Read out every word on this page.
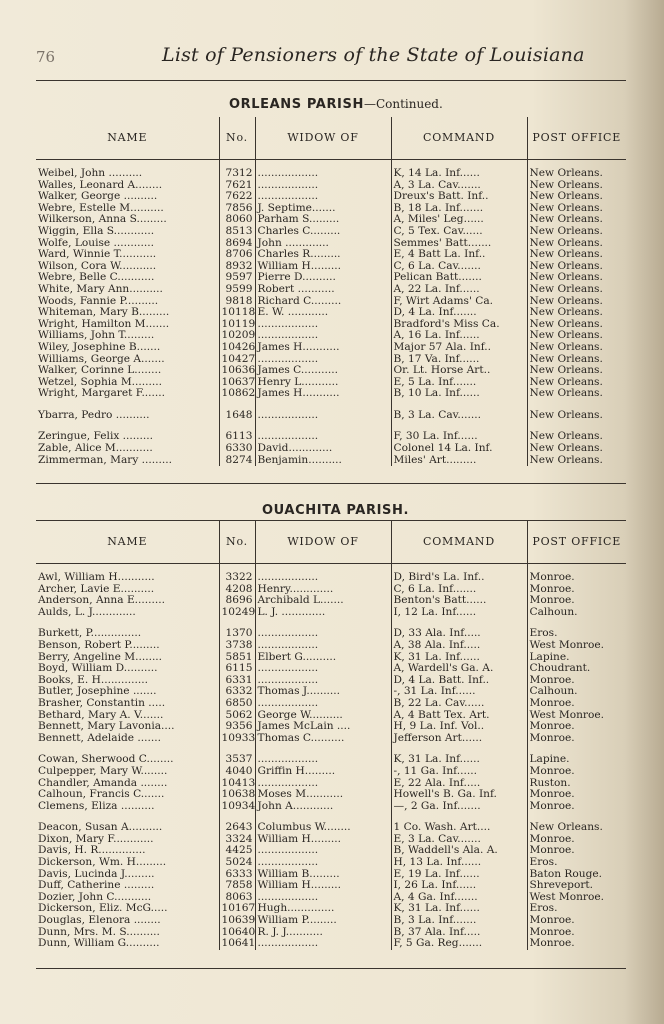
76	List of Pensioners of the State of Louisiana
ORLEANS PARISH—Continued.
NAME	No.	WIDOW OF	COMMAND	POST OFFICE
Weibel, John ..........	7312	..................	K, 14 La. Inf......	New Orleans.
Walles, Leonard A........	7621	..................	A, 3 La. Cav.......	New Orleans.
Walker, George ..........	7622	..................	Dreux's Batt. Inf..	New Orleans.
Webre, Estelle M..........	7856	J. Septime.......	B, 18 La. Inf.......	New Orleans.
Wilkerson, Anna S.........	8060	Parham S.........	A, Miles' Leg......	New Orleans.
Wiggin, Ella S............	8513	Charles C.........	C, 5 Tex. Cav......	New Orleans.
Wolfe, Louise ............	8694	John .............	Semmes' Batt.......	New Orleans.
Ward, Winnie T...........	8706	Charles R.........	E, 4 Batt La. Inf..	New Orleans.
Wilson, Cora W...........	8932	William H.........	C, 6 La. Cav.......	New Orleans.
Webre, Belle C...........	9597	Pierre D..........	Pelican Batt.......	New Orleans.
White, Mary Ann..........	9599	Robert ...........	A, 22 La. Inf......	New Orleans.
Woods, Fannie P..........	9818	Richard C.........	F, Wirt Adams' Ca.	New Orleans.
Whiteman, Mary B.........	10118	E. W. ............	D, 4 La. Inf.......	New Orleans.
Wright, Hamilton M.......	10119	..................	Bradford's Miss Ca.	New Orleans.
Williams, John T.........	10209	..................	A, 16 La. Inf......	New Orleans.
Wiley, Josephine B.......	10426	James H...........	Major 57 Ala. Inf..	New Orleans.
Williams, George A.......	10427	..................	B, 17 Va. Inf......	New Orleans.
Walker, Corinne L........	10636	James C...........	Or. Lt. Horse Art..	New Orleans.
Wetzel, Sophia M.........	10637	Henry L...........	E, 5 La. Inf.......	New Orleans.
Wright, Margaret F.......	10862	James H...........	B, 10 La. Inf......	New Orleans.

Ybarra, Pedro ..........	1648	..................	B, 3 La. Cav.......	New Orleans.

Zeringue, Felix .........	6113	..................	F, 30 La. Inf......	New Orleans.
Zable, Alice M...........	6330	David.............	Colonel 14 La. Inf.	New Orleans.
Zimmerman, Mary .........	8274	Benjamin..........	Miles' Art.........	New Orleans.
OUACHITA PARISH.
NAME	No.	WIDOW OF	COMMAND	POST OFFICE
Awl, William H...........	3322	..................	D, Bird's La. Inf..	Monroe.
Archer, Lavie E..........	4208	Henry.............	C, 6 La. Inf.......	Monroe.
Anderson, Anna E.........	8696	Archibald L.......	Benton's Batt......	Monroe.
Aulds, L. J.............	10249	L. J. .............	I, 12 La. Inf......	Calhoun.

Burkett, P...............	1370	..................	D, 33 Ala. Inf.....	Eros.
Benson, Robert P.........	3738	..................	A, 38 Ala. Inf.....	West Monroe.
Berry, Angeline M........	5851	Elbert G..........	K, 31 La. Inf......	Lapine.
Boyd, William D..........	6115	..................	A, Wardell's Ga. A.	Choudrant.
Books, E. H..............	6331	..................	D, 4 La. Batt. Inf..	Monroe.
Butler, Josephine .......	6332	Thomas J..........	-, 31 La. Inf......	Calhoun.
Brasher, Constantin .....	6850	..................	B, 22 La. Cav......	Monroe.
Bethard, Mary A. V.......	5062	George W..........	A, 4 Batt Tex. Art.	West Monroe.
Bennett, Mary Lavonia....	9356	James McLain ....	H, 9 La. Inf. Vol..	Monroe.
Bennett, Adelaide .......	10933	Thomas C..........	Jefferson Art......	Monroe.

Cowan, Sherwood C........	3537	..................	K, 31 La. Inf......	Lapine.
Culpepper, Mary W........	4040	Griffin H.........	-, 11 Ga. Inf......	Monroe.
Chandler, Amanda ........	10413	..................	E, 22 Ala. Inf.....	Ruston.
Calhoun, Francis C.......	10638	Moses M...........	Howell's B. Ga. Inf.	Monroe.
Clemens, Eliza ..........	10934	John A............	—, 2 Ga. Inf.......	Monroe.

Deacon, Susan A..........	2643	Columbus W........	1 Co. Wash. Art....	New Orleans.
Dixon, Mary F............	3324	William H.........	E, 3 La. Cav.......	Monroe.
Davis, H. R..............	4425	..................	B, Waddell's Ala. A.	Monroe.
Dickerson, Wm. H.........	5024	..................	H, 13 La. Inf......	Eros.
Davis, Lucinda J.........	6333	William B.........	E, 19 La. Inf......	Baton Rouge.
Duff, Catherine .........	7858	William H.........	I, 26 La. Inf......	Shreveport.
Dozier, John C...........	8063	..................	A, 4 Ga. Inf.......	West Monroe.
Dickerson, Eliz. McG.....	10167	Hugh..............	K, 31 La. Inf......	Eros.
Douglas, Elenora ........	10639	William P.........	B, 3 La. Inf.......	Monroe.
Dunn, Mrs. M. S..........	10640	R. J. J...........	B, 37 Ala. Inf.....	Monroe.
Dunn, William G..........	10641	..................	F, 5 Ga. Reg.......	Monroe.
